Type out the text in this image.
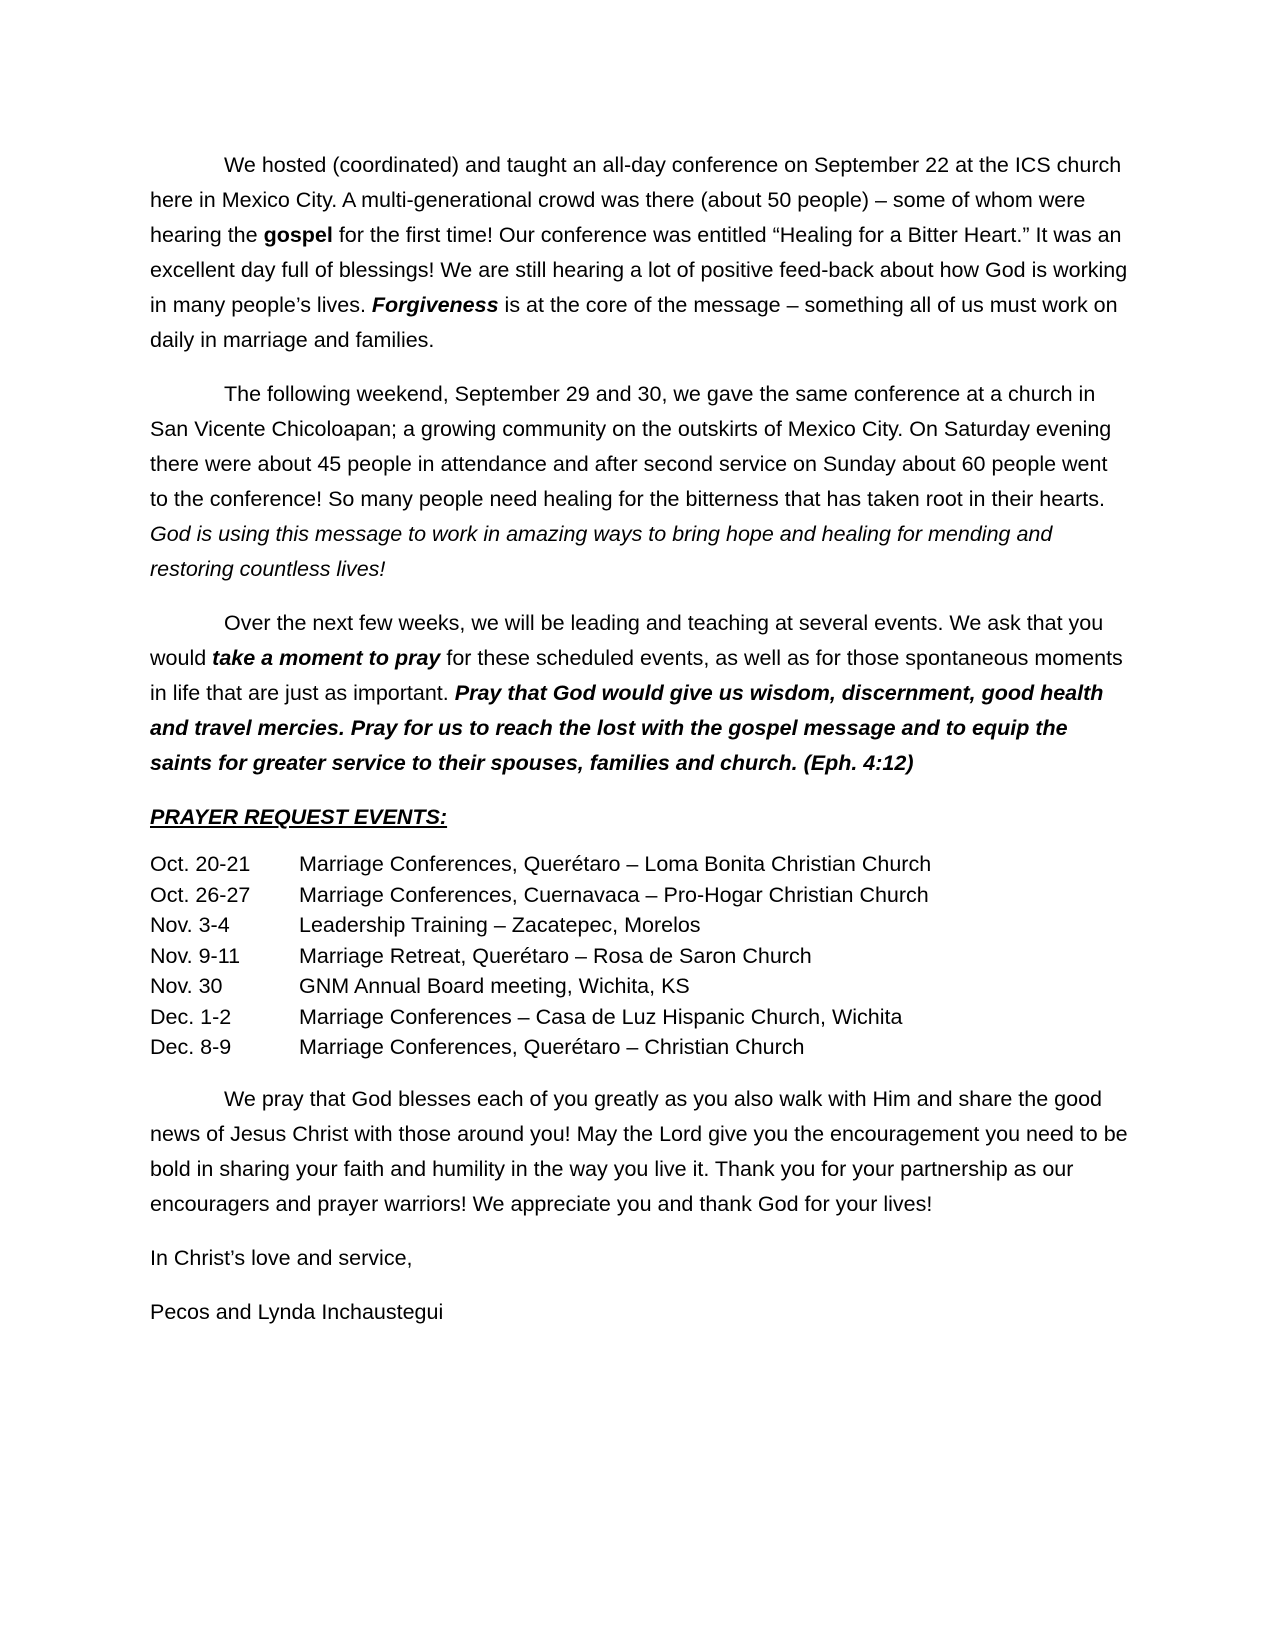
We hosted (coordinated) and taught an all-day conference on September 22 at the ICS church here in Mexico City. A multi-generational crowd was there (about 50 people) – some of whom were hearing the gospel for the first time! Our conference was entitled “Healing for a Bitter Heart.” It was an excellent day full of blessings! We are still hearing a lot of positive feed-back about how God is working in many people’s lives. Forgiveness is at the core of the message – something all of us must work on daily in marriage and families.

The following weekend, September 29 and 30, we gave the same conference at a church in San Vicente Chicoloapan; a growing community on the outskirts of Mexico City. On Saturday evening there were about 45 people in attendance and after second service on Sunday about 60 people went to the conference! So many people need healing for the bitterness that has taken root in their hearts. God is using this message to work in amazing ways to bring hope and healing for mending and restoring countless lives!

Over the next few weeks, we will be leading and teaching at several events. We ask that you would take a moment to pray for these scheduled events, as well as for those spontaneous moments in life that are just as important. Pray that God would give us wisdom, discernment, good health and travel mercies. Pray for us to reach the lost with the gospel message and to equip the saints for greater service to their spouses, families and church. (Eph. 4:12)

PRAYER REQUEST EVENTS:
Oct. 20-21	Marriage Conferences, Querétaro – Loma Bonita Christian Church
Oct. 26-27	Marriage Conferences, Cuernavaca – Pro-Hogar Christian Church
Nov. 3-4	Leadership Training – Zacatepec, Morelos
Nov. 9-11	Marriage Retreat, Querétaro – Rosa de Saron Church
Nov. 30	GNM Annual Board meeting, Wichita, KS
Dec. 1-2	Marriage Conferences – Casa de Luz Hispanic Church, Wichita
Dec. 8-9	Marriage Conferences, Querétaro – Christian Church

We pray that God blesses each of you greatly as you also walk with Him and share the good news of Jesus Christ with those around you! May the Lord give you the encouragement you need to be bold in sharing your faith and humility in the way you live it. Thank you for your partnership as our encouragers and prayer warriors! We appreciate you and thank God for your lives!

In Christ’s love and service,

Pecos and Lynda Inchaustegui
